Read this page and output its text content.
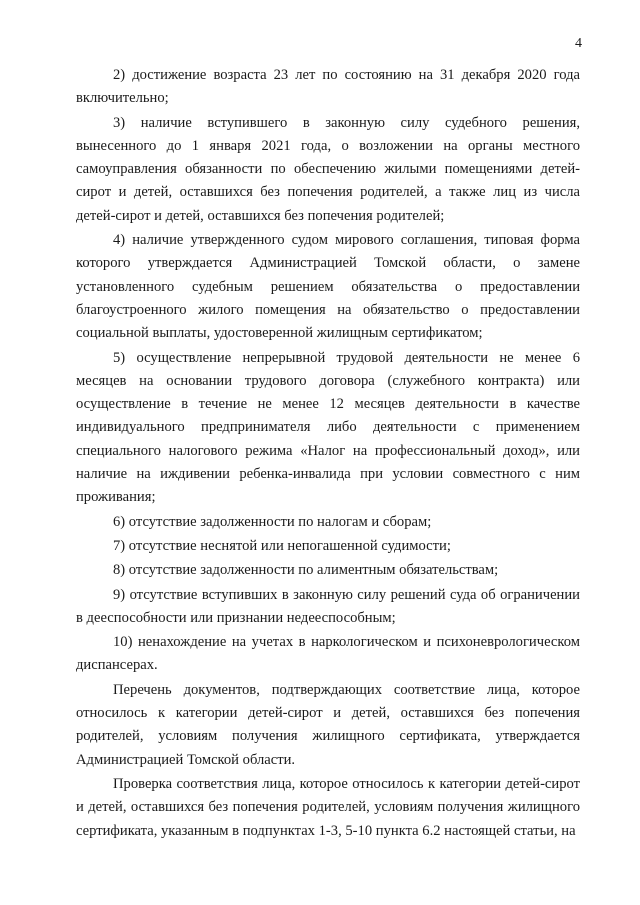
4

2) достижение возраста 23 лет по состоянию на 31 декабря 2020 года включительно;

3) наличие вступившего в законную силу судебного решения, вынесенного до 1 января 2021 года, о возложении на органы местного самоуправления обязанности по обеспечению жилыми помещениями детей-сирот и детей, оставшихся без попечения родителей, а также лиц из числа детей-сирот и детей, оставшихся без попечения родителей;

4) наличие утвержденного судом мирового соглашения, типовая форма которого утверждается Администрацией Томской области, о замене установленного судебным решением обязательства о предоставлении благоустроенного жилого помещения на обязательство о предоставлении социальной выплаты, удостоверенной жилищным сертификатом;

5) осуществление непрерывной трудовой деятельности не менее 6 месяцев на основании трудового договора (служебного контракта) или осуществление в течение не менее 12 месяцев деятельности в качестве индивидуального предпринимателя либо деятельности с применением специального налогового режима «Налог на профессиональный доход», или наличие на иждивении ребенка-инвалида при условии совместного с ним проживания;

6) отсутствие задолженности по налогам и сборам;

7) отсутствие неснятой или непогашенной судимости;

8) отсутствие задолженности по алиментным обязательствам;

9) отсутствие вступивших в законную силу решений суда об ограничении в дееспособности или признании недееспособным;

10) ненахождение на учетах в наркологическом и психоневрологическом диспансерах.

Перечень документов, подтверждающих соответствие лица, которое относилось к категории детей-сирот и детей, оставшихся без попечения родителей, условиям получения жилищного сертификата, утверждается Администрацией Томской области.

Проверка соответствия лица, которое относилось к категории детей-сирот и детей, оставшихся без попечения родителей, условиям получения жилищного сертификата, указанным в подпунктах 1-3, 5-10 пункта 6.2 настоящей статьи, на
